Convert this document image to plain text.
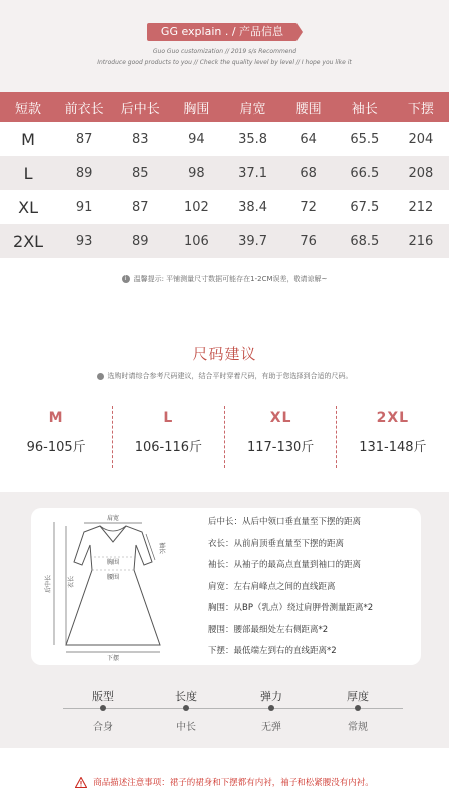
GG explain . / 产品信息
Guo Guo customization // 2019 s/s Recommend
Introduce good products to you // Check the quality level by level // I hope you like it
短款	前衣长	后中长	胸围	肩宽	腰围	袖长	下摆
M	87	83	94	35.8	64	65.5	204
L	89	85	98	37.1	68	66.5	208
XL	91	87	102	38.4	72	67.5	212
2XL	93	89	106	39.7	76	68.5	216
i 温馨提示: 平铺测量尺寸数据可能存在1-2CM误差，敬请谅解~
尺码建议
选购时请综合参考尺码建议，结合平时穿着尺码，有助于您选择到合适的尺码。
M
96-105斤
L
106-116斤
XL
117-130斤
2XL
131-148斤
肩宽
袖长
胸围
腰围
衣长
后中长
下摆
后中长：从后中领口垂直量至下摆的距离
衣长：从前肩顶垂直量至下摆的距离
袖长：从袖子的最高点直量到袖口的距离
肩宽：左右肩峰点之间的直线距离
胸围：从BP（乳点）绕过肩胛骨测量距离*2
腰围：腰部最细处左右侧距离*2
下摆：最低端左到右的直线距离*2
版型
合身
长度
中长
弹力
无弹
厚度
常规
商品描述注意事项：裙子的裙身和下摆都有内衬，袖子和松紧腰没有内衬。
